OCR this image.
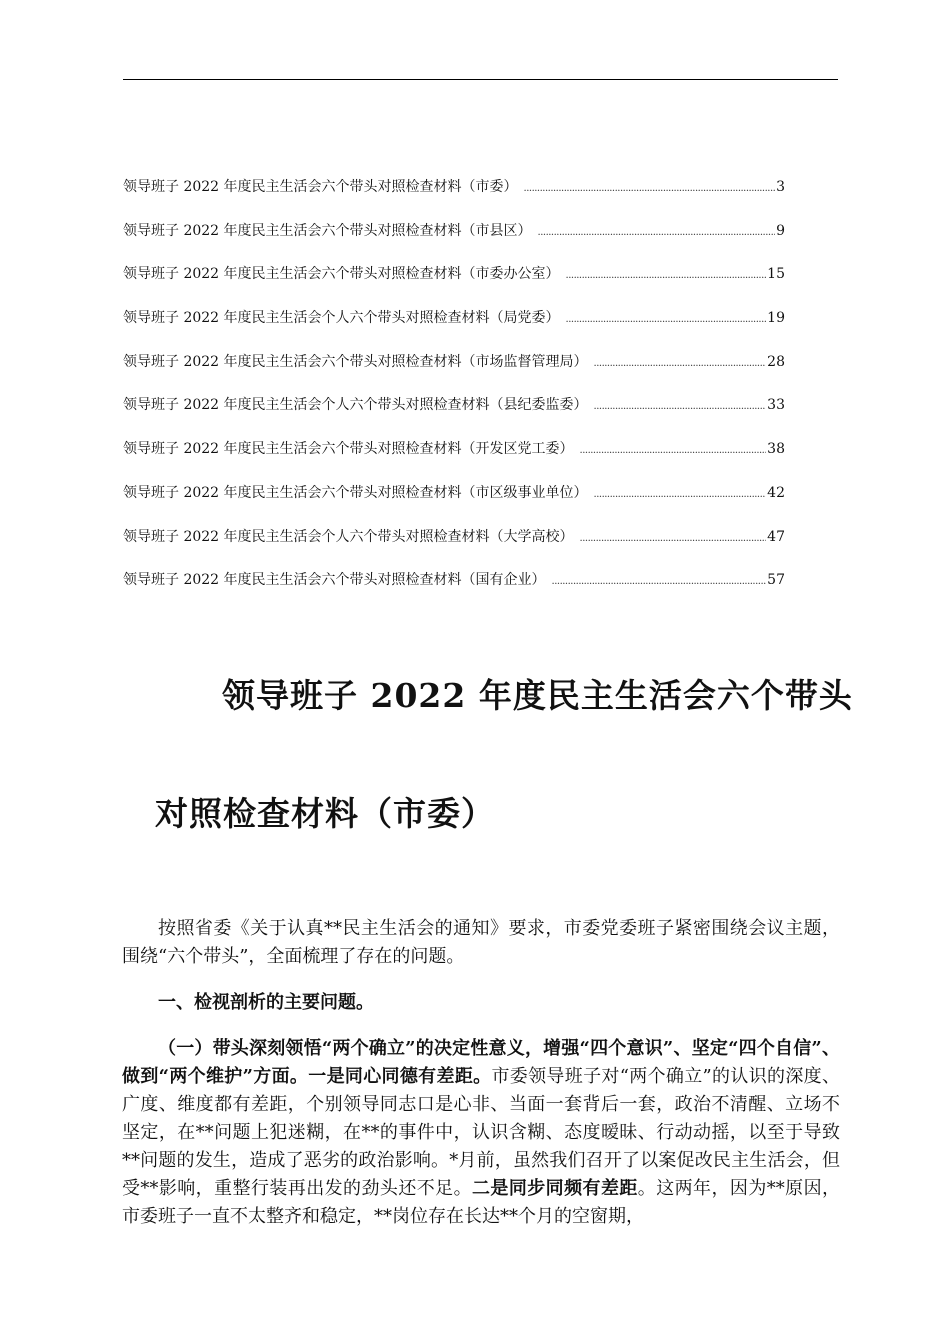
领导班子 2022 年度民主生活会六个带头对照检查材料（市委） .....	3
领导班子 2022 年度民主生活会六个带头对照检查材料（市县区） .....	9
领导班子 2022 年度民主生活会六个带头对照检查材料（市委办公室） .....	15
领导班子 2022 年度民主生活会个人六个带头对照检查材料（局党委） .....	19
领导班子 2022 年度民主生活会六个带头对照检查材料（市场监督管理局） .....	28
领导班子 2022 年度民主生活会个人六个带头对照检查材料（县纪委监委） .....	33
领导班子 2022 年度民主生活会六个带头对照检查材料（开发区党工委） .....	38
领导班子 2022 年度民主生活会六个带头对照检查材料（市区级事业单位） .....	42
领导班子 2022 年度民主生活会个人六个带头对照检查材料（大学高校） .....	47
领导班子 2022 年度民主生活会六个带头对照检查材料（国有企业） .....	57
领导班子 2022 年度民主生活会六个带头
对照检查材料（市委）

按照省委《关于认真**民主生活会的通知》要求，市委党委班子紧密围绕会议主题，围绕“六个带头”，全面梳理了存在的问题。

一、检视剖析的主要问题。

（一）带头深刻领悟“两个确立”的决定性意义，增强“四个意识”、坚定“四个自信”、做到“两个维护”方面。一是同心同德有差距。市委领导班子对“两个确立”的认识的深度、广度、维度都有差距，个别领导同志口是心非、当面一套背后一套，政治不清醒、立场不坚定，在**问题上犯迷糊，在**的事件中，认识含糊、态度暧昧、行动动摇，以至于导致**问题的发生，造成了恶劣的政治影响。*月前，虽然我们召开了以案促改民主生活会，但受**影响，重整行装再出发的劲头还不足。二是同步同频有差距。这两年，因为**原因，市委班子一直不太整齐和稳定，**岗位存在长达**个月的空窗期，
